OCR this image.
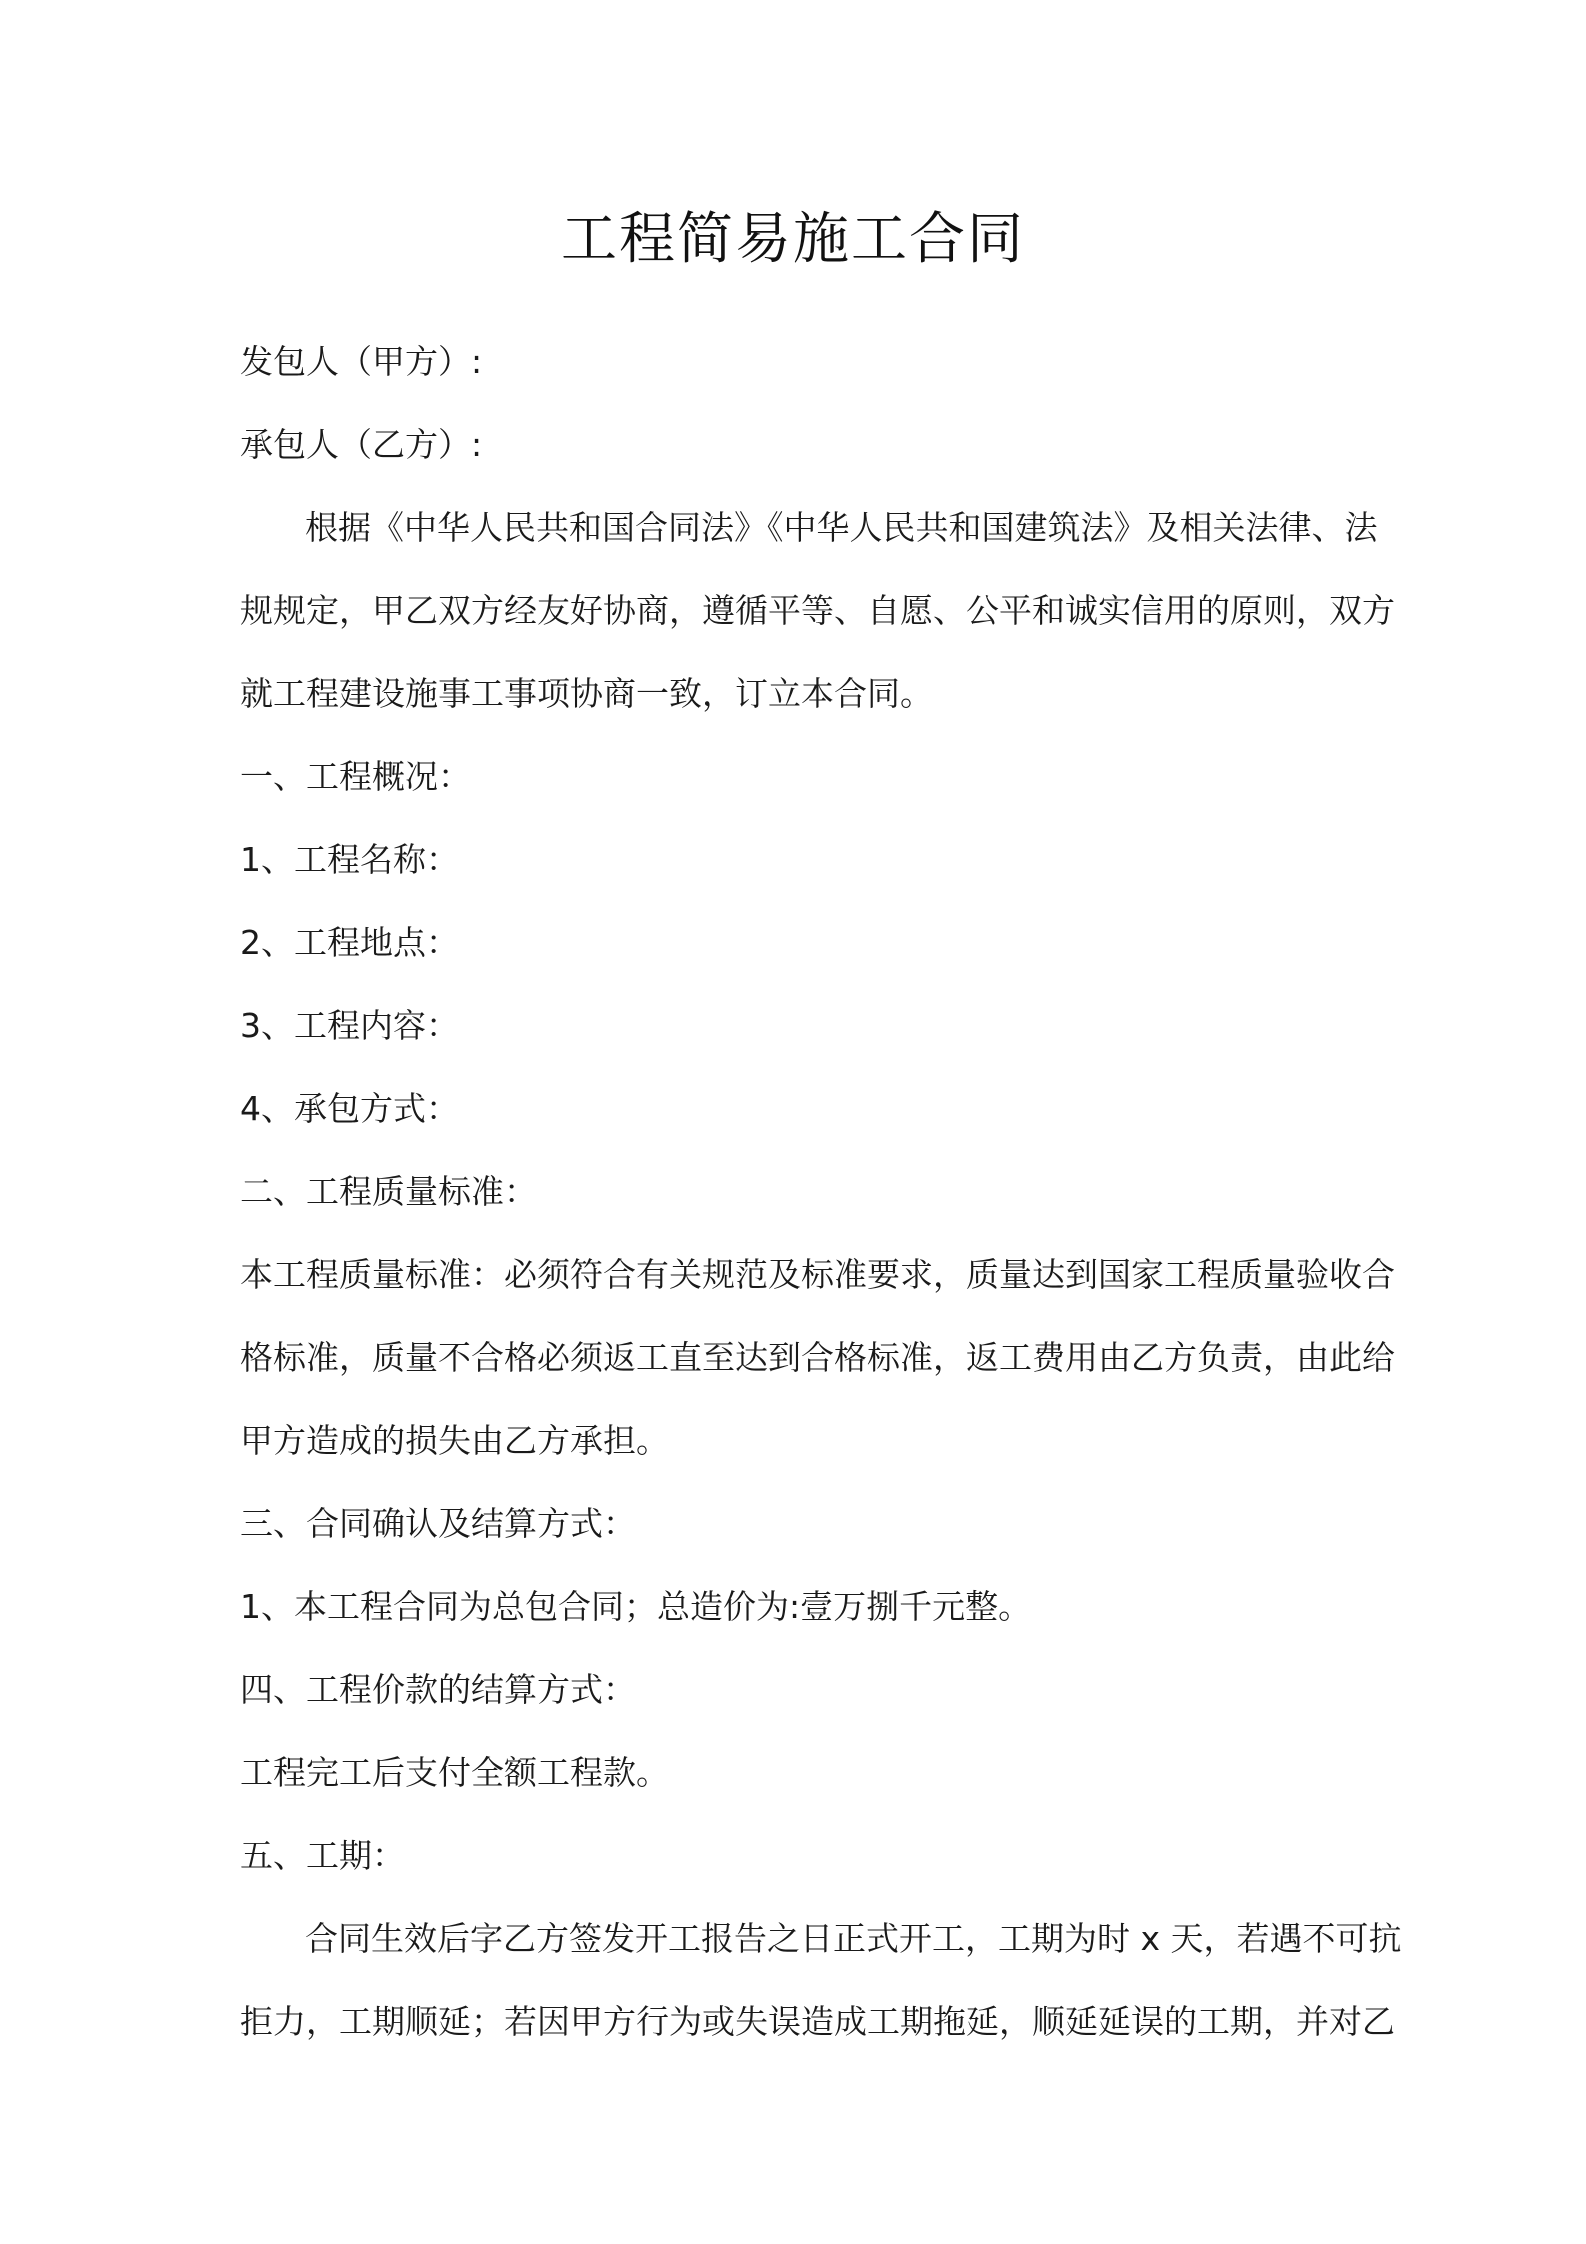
工程简易施工合同
发包人（甲方）:
承包人（乙方）:
根据《中华人民共和国合同法》《中华人民共和国建筑法》及相关法律、法
规规定，甲乙双方经友好协商，遵循平等、自愿、公平和诚实信用的原则，双方
就工程建设施事工事项协商一致，订立本合同。
一、工程概况：
1、工程名称：
2、工程地点：
3、工程内容：
4、承包方式：
二、工程质量标准：
本工程质量标准：必须符合有关规范及标准要求，质量达到国家工程质量验收合
格标准，质量不合格必须返工直至达到合格标准，返工费用由乙方负责，由此给
甲方造成的损失由乙方承担。
三、合同确认及结算方式：
1、本工程合同为总包合同；总造价为:壹万捌千元整。
四、工程价款的结算方式：
工程完工后支付全额工程款。
五、工期：
合同生效后字乙方签发开工报告之日正式开工，工期为时 x 天，若遇不可抗
拒力，工期顺延；若因甲方行为或失误造成工期拖延，顺延延误的工期，并对乙
